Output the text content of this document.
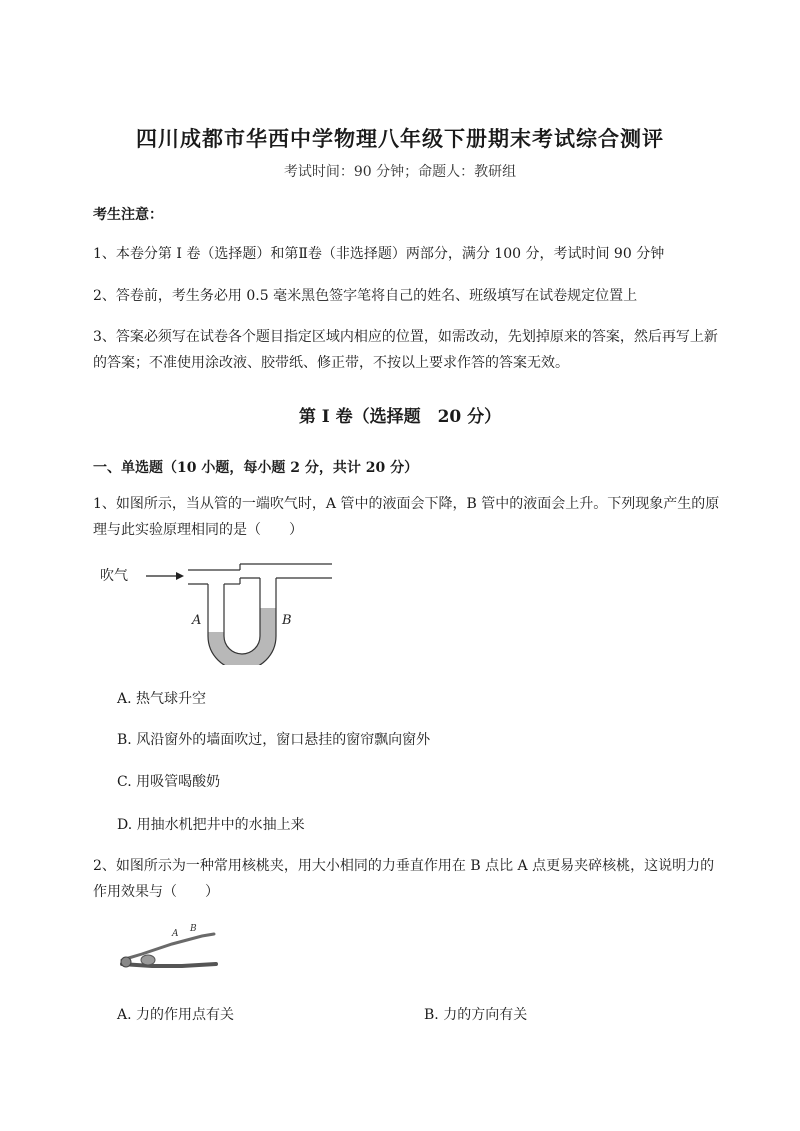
四川成都市华西中学物理八年级下册期末考试综合测评
考试时间：90 分钟；命题人：教研组
考生注意：
1、本卷分第 I 卷（选择题）和第Ⅱ卷（非选择题）两部分，满分 100 分，考试时间 90 分钟
2、答卷前，考生务必用 0.5 毫米黑色签字笔将自己的姓名、班级填写在试卷规定位置上
3、答案必须写在试卷各个题目指定区域内相应的位置，如需改动，先划掉原来的答案，然后再写上新的答案；不准使用涂改液、胶带纸、修正带，不按以上要求作答的答案无效。
第 I 卷（选择题　20 分）
一、单选题（10 小题，每小题 2 分，共计 20 分）
1、如图所示，当从管的一端吹气时，A 管中的液面会下降，B 管中的液面会上升。下列现象产生的原理与此实验原理相同的是（　　）
吹气
A	B
A. 热气球升空
B. 风沿窗外的墙面吹过，窗口悬挂的窗帘飘向窗外
C. 用吸管喝酸奶
D. 用抽水机把井中的水抽上来
2、如图所示为一种常用核桃夹，用大小相同的力垂直作用在 B 点比 A 点更易夹碎核桃，这说明力的作用效果与（　　）
A B
A. 力的作用点有关	B. 力的方向有关
